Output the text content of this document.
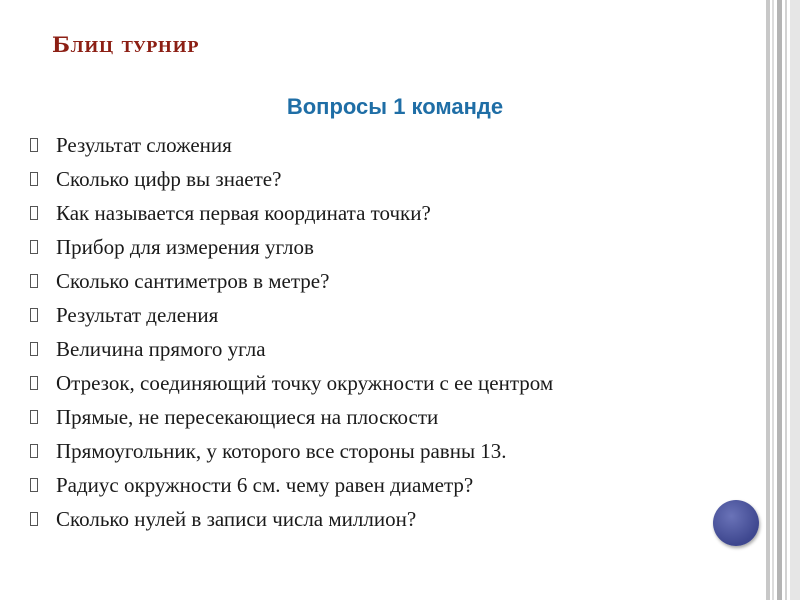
Блиц турнир
Вопросы 1 команде
Результат сложения
Сколько цифр вы знаете?
Как называется первая координата точки?
Прибор для измерения углов
Сколько сантиметров в метре?
Результат деления
Величина прямого угла
Отрезок, соединяющий точку окружности с ее центром
Прямые, не пересекающиеся на плоскости
Прямоугольник, у которого все стороны равны 13.
Радиус окружности 6 см. чему равен диаметр?
Сколько нулей в записи числа миллион?
